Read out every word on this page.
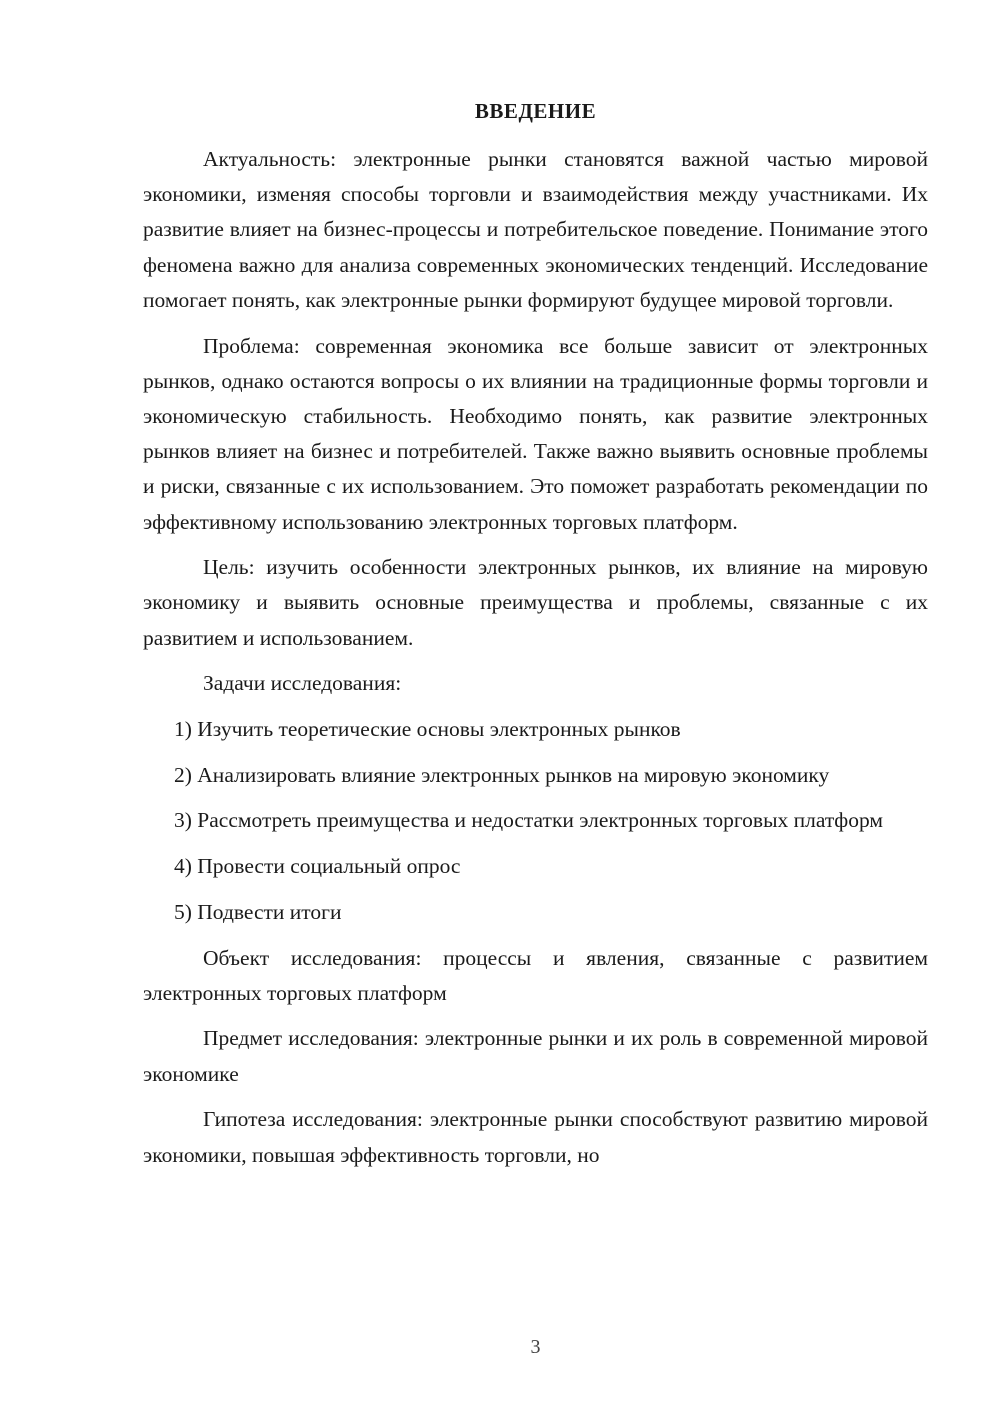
ВВЕДЕНИЕ

Актуальность: электронные рынки становятся важной частью мировой экономики, изменяя способы торговли и взаимодействия между участниками. Их развитие влияет на бизнес-процессы и потребительское поведение. Понимание этого феномена важно для анализа современных экономических тенденций. Исследование помогает понять, как электронные рынки формируют будущее мировой торговли.

Проблема: современная экономика все больше зависит от электронных рынков, однако остаются вопросы о их влиянии на традиционные формы торговли и экономическую стабильность. Необходимо понять, как развитие электронных рынков влияет на бизнес и потребителей. Также важно выявить основные проблемы и риски, связанные с их использованием. Это поможет разработать рекомендации по эффективному использованию электронных торговых платформ.

Цель: изучить особенности электронных рынков, их влияние на мировую экономику и выявить основные преимущества и проблемы, связанные с их развитием и использованием.

Задачи исследования:

1) Изучить теоретические основы электронных рынков

2) Анализировать влияние электронных рынков на мировую экономику

3) Рассмотреть преимущества и недостатки электронных торговых платформ

4) Провести социальный опрос

5) Подвести итоги

Объект исследования: процессы и явления, связанные с развитием электронных торговых платформ

Предмет исследования: электронные рынки и их роль в современной мировой экономике

Гипотеза исследования: электронные рынки способствуют развитию мировой экономики, повышая эффективность торговли, но

3
